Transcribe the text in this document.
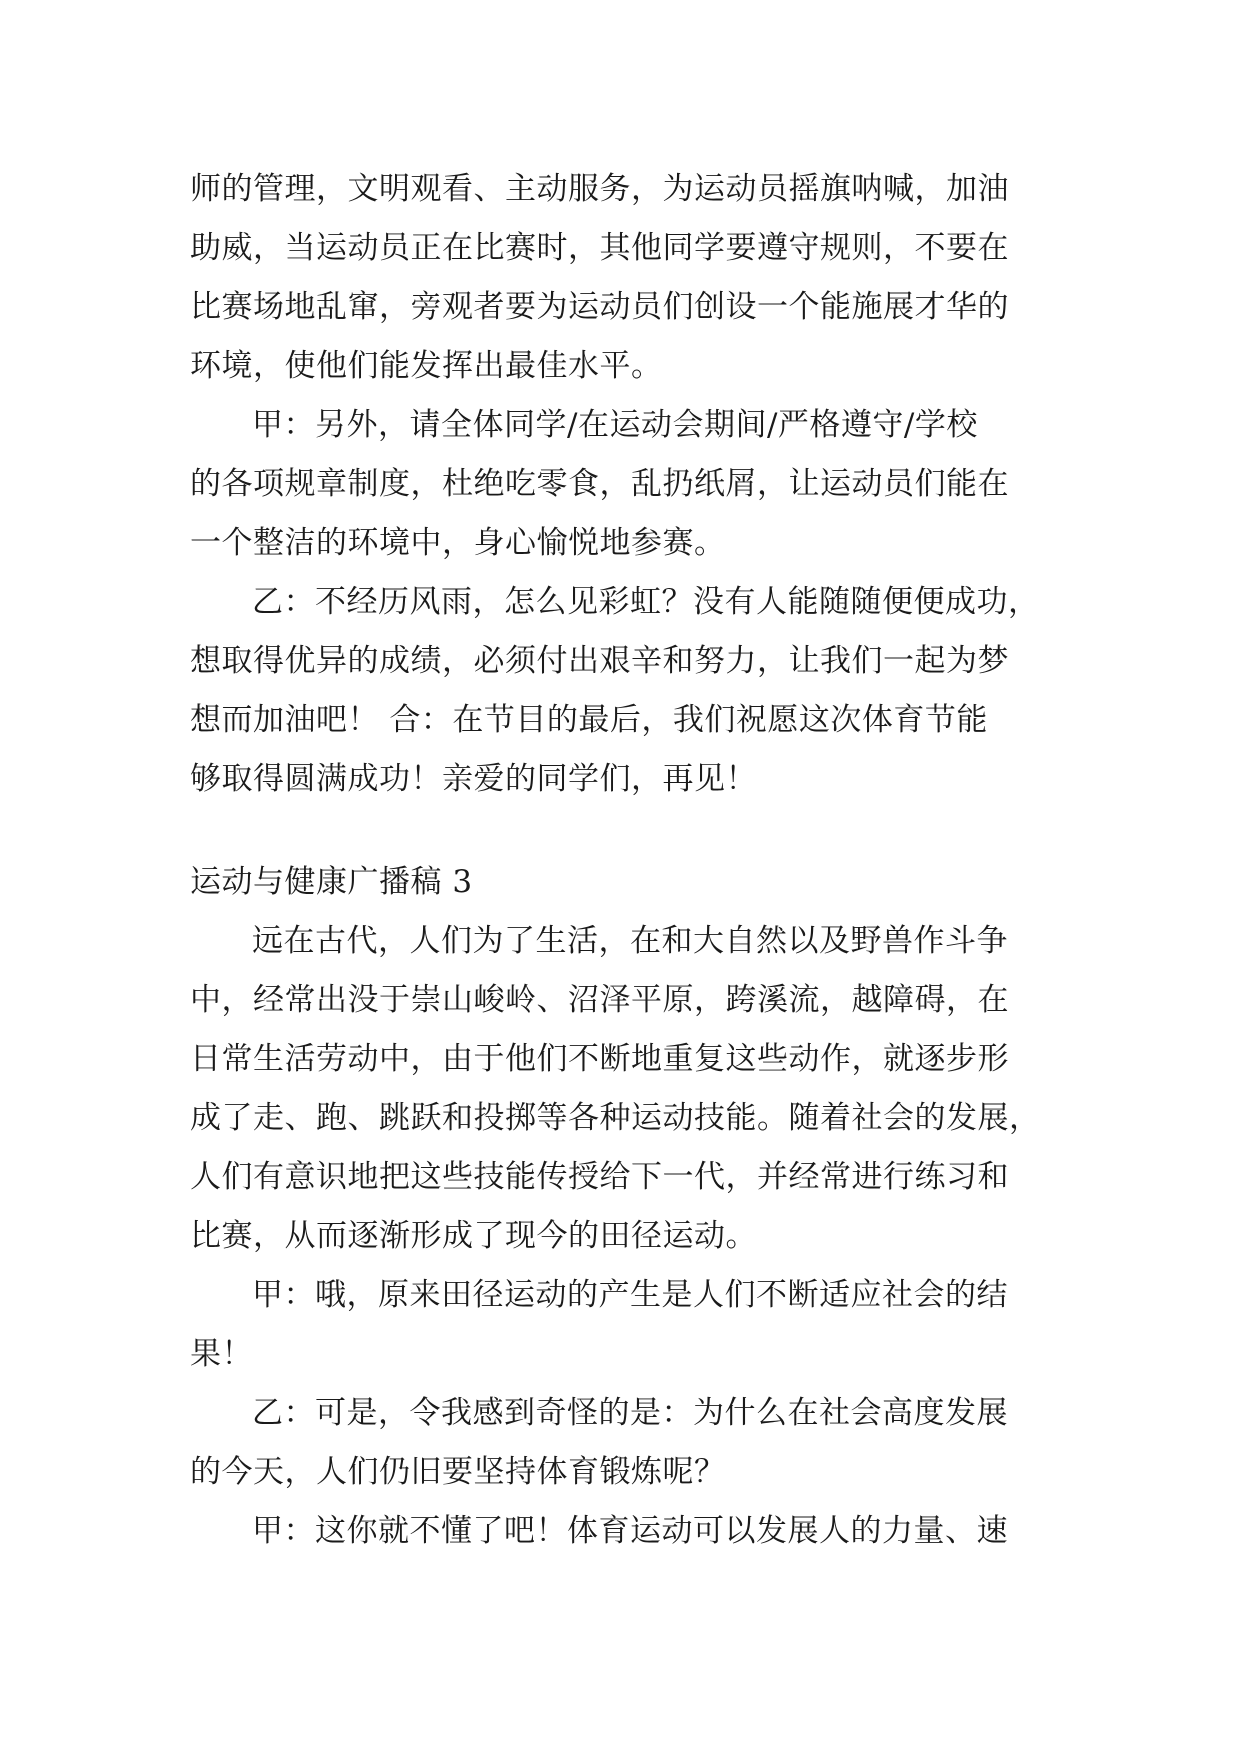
师的管理，文明观看、主动服务，为运动员摇旗呐喊，加油
助威，当运动员正在比赛时，其他同学要遵守规则，不要在
比赛场地乱窜，旁观者要为运动员们创设一个能施展才华的
环境，使他们能发挥出最佳水平。
甲：另外，请全体同学/在运动会期间/严格遵守/学校
的各项规章制度，杜绝吃零食，乱扔纸屑，让运动员们能在
一个整洁的环境中，身心愉悦地参赛。
乙：不经历风雨，怎么见彩虹？没有人能随随便便成功，
想取得优异的成绩，必须付出艰辛和努力，让我们一起为梦
想而加油吧！ 合：在节目的最后，我们祝愿这次体育节能
够取得圆满成功！亲爱的同学们，再见！
运动与健康广播稿 3
远在古代，人们为了生活，在和大自然以及野兽作斗争
中，经常出没于崇山峻岭、沼泽平原，跨溪流，越障碍，在
日常生活劳动中，由于他们不断地重复这些动作，就逐步形
成了走、跑、跳跃和投掷等各种运动技能。随着社会的发展，
人们有意识地把这些技能传授给下一代，并经常进行练习和
比赛，从而逐渐形成了现今的田径运动。
甲：哦，原来田径运动的产生是人们不断适应社会的结
果！
乙：可是，令我感到奇怪的是：为什么在社会高度发展
的今天，人们仍旧要坚持体育锻炼呢？
甲：这你就不懂了吧！体育运动可以发展人的力量、速
